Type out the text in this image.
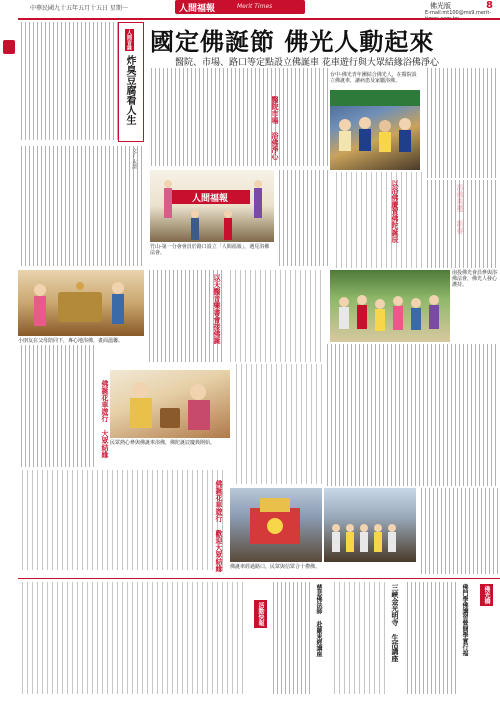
中華民國九十五年五月十五日 星期一	人間福報	Merit Times	佛光版	8
E-mail:mt100@ms9.merit-
人間音緣
炸臭豆腐看人生
文/永清
國定佛誕節 佛光人動起來
醫院、市場、路口等定點設立佛誕車 花車遊行與大眾結緣浴佛淨心
醫院市場 浴佛淨心
台中-佛光青年團結合佛光人，在醫院設立佛誕車，讓病患及家屬浴佛。
以浴佛慶賀佛陀誕辰
人間福報
竹山-第一分會會員於路口設立「人間福報」，遇見浴佛法會。
小朋友在父母陪同下，專心地浴佛，畫面溫馨。	以天醫音樂書會接佛誕
南投佛光會員參與浴佛法會，佛光人發心護持。
佛誕花車遊行 大眾結緣 民眾熱心參與佛誕車浴佛，佛陀誕辰慶典開始。
佛誕花車遊行 歡迎大眾結緣 佛誕車經過路口，民眾與信眾合十禮佛。
活動快報	慈悲佛法師 赴羅東經講座	三峽金光明寺 生活講座	佛門學佛講習營開學實行福	佛光橋
